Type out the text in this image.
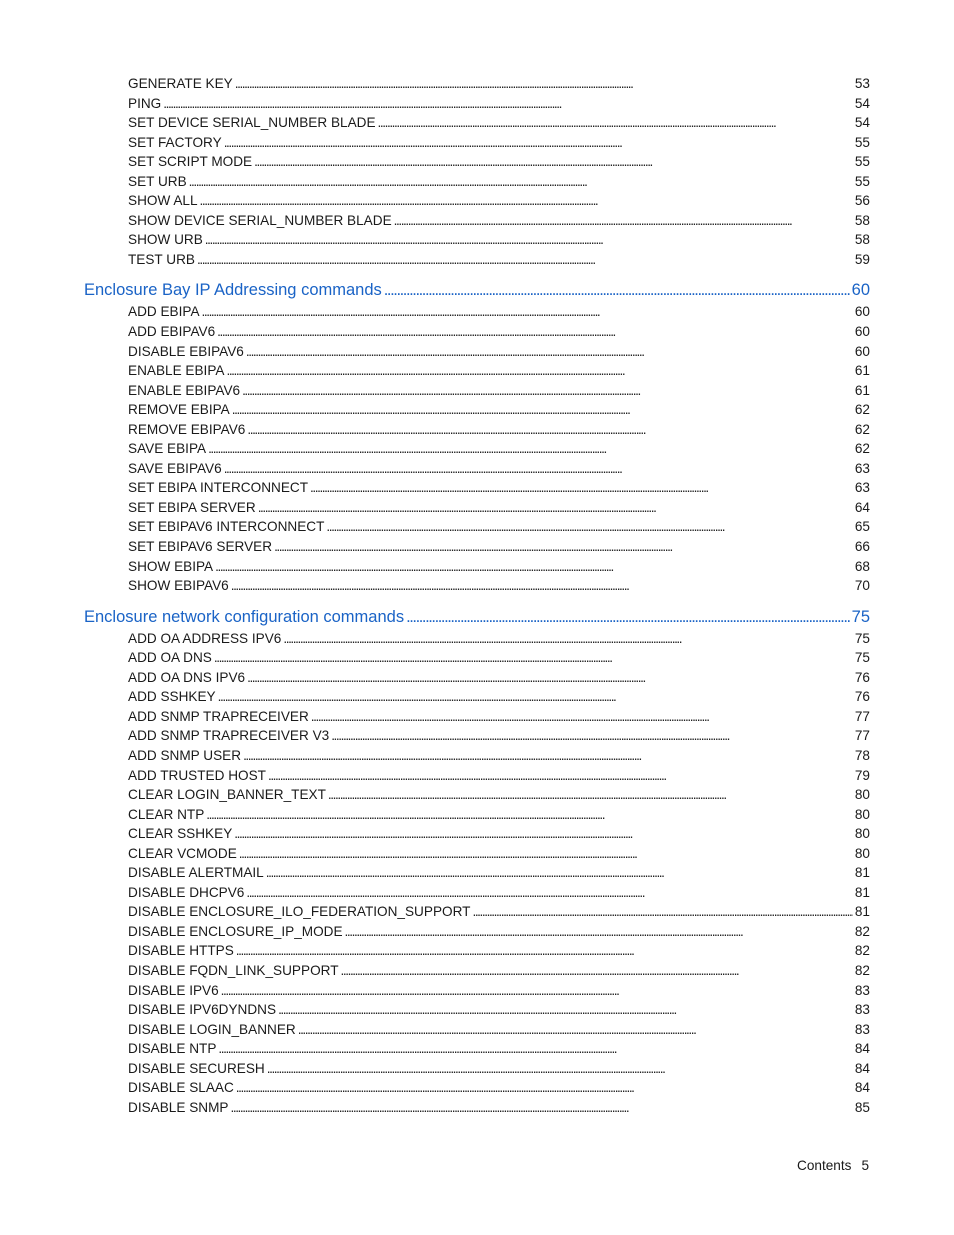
GENERATE KEY . . .	53
PING . . .	54
SET DEVICE SERIAL_NUMBER BLADE . . .	54
SET FACTORY . . .	55
SET SCRIPT MODE . . .	55
SET URB . . .	55
SHOW ALL . . .	56
SHOW DEVICE SERIAL_NUMBER BLADE . . .	58
SHOW URB . . .	58
TEST URB . . .	59
Enclosure Bay IP Addressing commands . . .	60
ADD EBIPA . . .	60
ADD EBIPAV6 . . .	60
DISABLE EBIPAV6 . . .	60
ENABLE EBIPA . . .	61
ENABLE EBIPAV6 . . .	61
REMOVE EBIPA . . .	62
REMOVE EBIPAV6 . . .	62
SAVE EBIPA . . .	62
SAVE EBIPAV6 . . .	63
SET EBIPA INTERCONNECT . . .	63
SET EBIPA SERVER . . .	64
SET EBIPAV6 INTERCONNECT . . .	65
SET EBIPAV6 SERVER . . .	66
SHOW EBIPA . . .	68
SHOW EBIPAV6 . . .	70
Enclosure network configuration commands . . .	75
ADD OA ADDRESS IPV6 . . .	75
ADD OA DNS . . .	75
ADD OA DNS IPV6 . . .	76
ADD SSHKEY . . .	76
ADD SNMP TRAPRECEIVER . . .	77
ADD SNMP TRAPRECEIVER V3 . . .	77
ADD SNMP USER . . .	78
ADD TRUSTED HOST . . .	79
CLEAR LOGIN_BANNER_TEXT . . .	80
CLEAR NTP . . .	80
CLEAR SSHKEY . . .	80
CLEAR VCMODE . . .	80
DISABLE ALERTMAIL . . .	81
DISABLE DHCPV6 . . .	81
DISABLE ENCLOSURE_ILO_FEDERATION_SUPPORT . . .	81
DISABLE ENCLOSURE_IP_MODE . . .	82
DISABLE HTTPS . . .	82
DISABLE FQDN_LINK_SUPPORT . . .	82
DISABLE IPV6 . . .	83
DISABLE IPV6DYNDNS . . .	83
DISABLE LOGIN_BANNER . . .	83
DISABLE NTP . . .	84
DISABLE SECURESH . . .	84
DISABLE SLAAC . . .	84
DISABLE SNMP . . .	85
Contents 5
